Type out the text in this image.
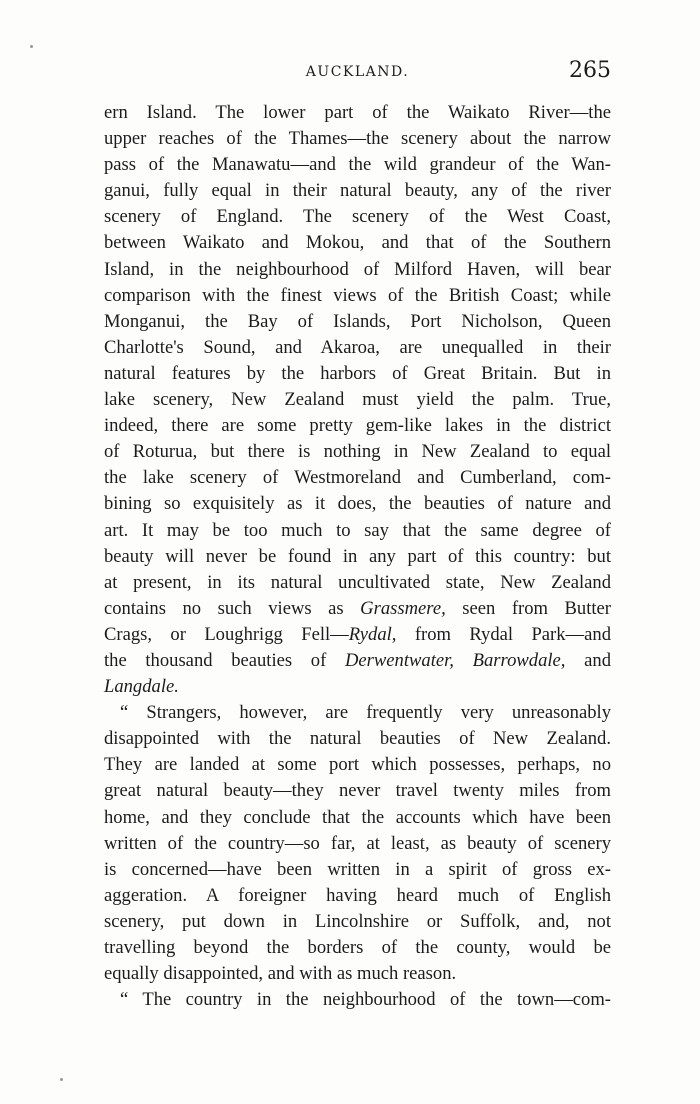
AUCKLAND.	265
ern Island. The lower part of the Waikato River—the
upper reaches of the Thames—the scenery about the narrow
pass of the Manawatu—and the wild grandeur of the Wan-
ganui, fully equal in their natural beauty, any of the river
scenery of England. The scenery of the West Coast,
between Waikato and Mokou, and that of the Southern
Island, in the neighbourhood of Milford Haven, will bear
comparison with the finest views of the British Coast; while
Monganui, the Bay of Islands, Port Nicholson, Queen
Charlotte's Sound, and Akaroa, are unequalled in their
natural features by the harbors of Great Britain. But in
lake scenery, New Zealand must yield the palm. True,
indeed, there are some pretty gem-like lakes in the district
of Roturua, but there is nothing in New Zealand to equal
the lake scenery of Westmoreland and Cumberland, com-
bining so exquisitely as it does, the beauties of nature and
art. It may be too much to say that the same degree of
beauty will never be found in any part of this country: but
at present, in its natural uncultivated state, New Zealand
contains no such views as Grassmere, seen from Butter
Crags, or Loughrigg Fell—Rydal, from Rydal Park—and
the thousand beauties of Derwentwater, Barrowdale, and
Langdale.
“ Strangers, however, are frequently very unreasonably
disappointed with the natural beauties of New Zealand.
They are landed at some port which possesses, perhaps, no
great natural beauty—they never travel twenty miles from
home, and they conclude that the accounts which have been
written of the country—so far, at least, as beauty of scenery
is concerned—have been written in a spirit of gross ex-
aggeration. A foreigner having heard much of English
scenery, put down in Lincolnshire or Suffolk, and, not
travelling beyond the borders of the county, would be
equally disappointed, and with as much reason.
“ The country in the neighbourhood of the town—com-
